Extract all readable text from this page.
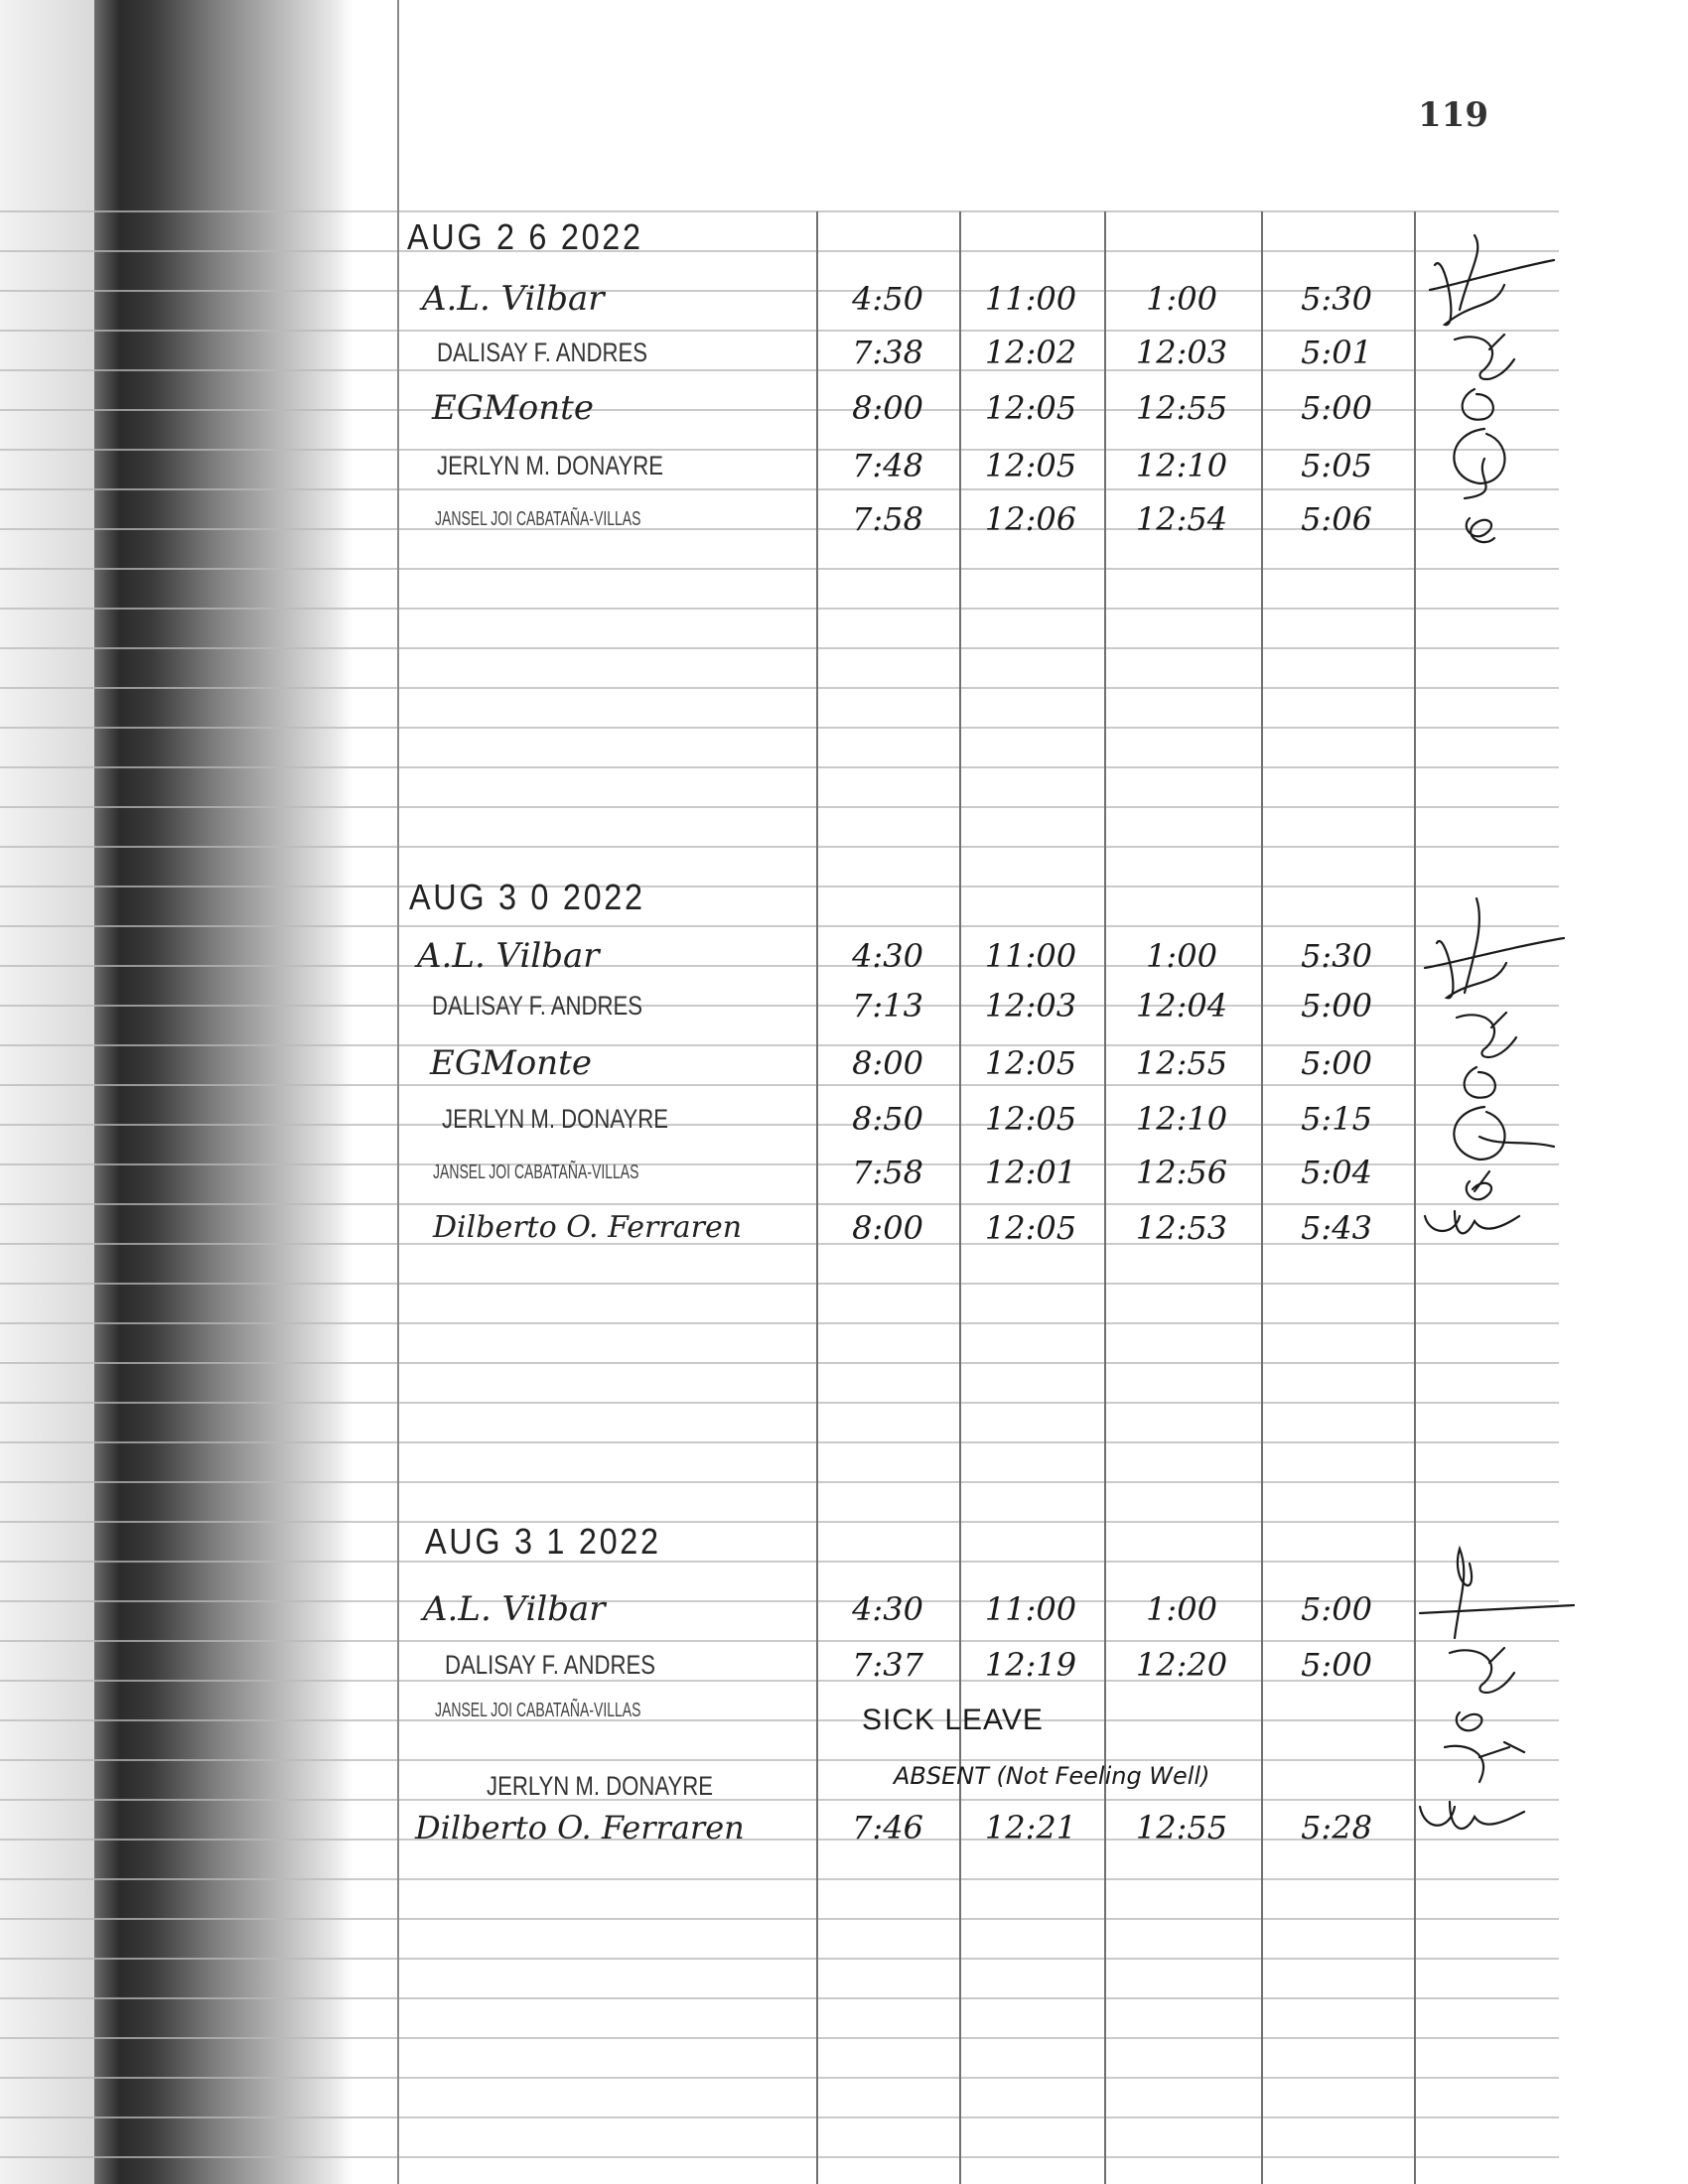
119
AUG 2 6 2022
A.L. Vilbar	4:50	11:00	1:00	5:30
DALISAY F. ANDRES	7:38	12:02	12:03	5:01
EGMonte	8:00	12:05	12:55	5:00
JERLYN M. DONAYRE	7:48	12:05	12:10	5:05
JANSEL JOI CABATAÑA-VILLAS	7:58	12:06	12:54	5:06
AUG 3 0 2022
A.L. Vilbar	4:30	11:00	1:00	5:30
DALISAY F. ANDRES	7:13	12:03	12:04	5:00
EGMonte	8:00	12:05	12:55	5:00
JERLYN M. DONAYRE	8:50	12:05	12:10	5:15
JANSEL JOI CABATAÑA-VILLAS	7:58	12:01	12:56	5:04
Dilberto O. Ferraren	8:00	12:05	12:53	5:43
AUG 3 1 2022
A.L. Vilbar	4:30	11:00	1:00	5:00
DALISAY F. ANDRES	7:37	12:19	12:20	5:00
JANSEL JOI CABATAÑA-VILLAS	SICK LEAVE
JERLYN M. DONAYRE	ABSENT (Not Feeling Well)
Dilberto O. Ferraren	7:46	12:21	12:55	5:28
